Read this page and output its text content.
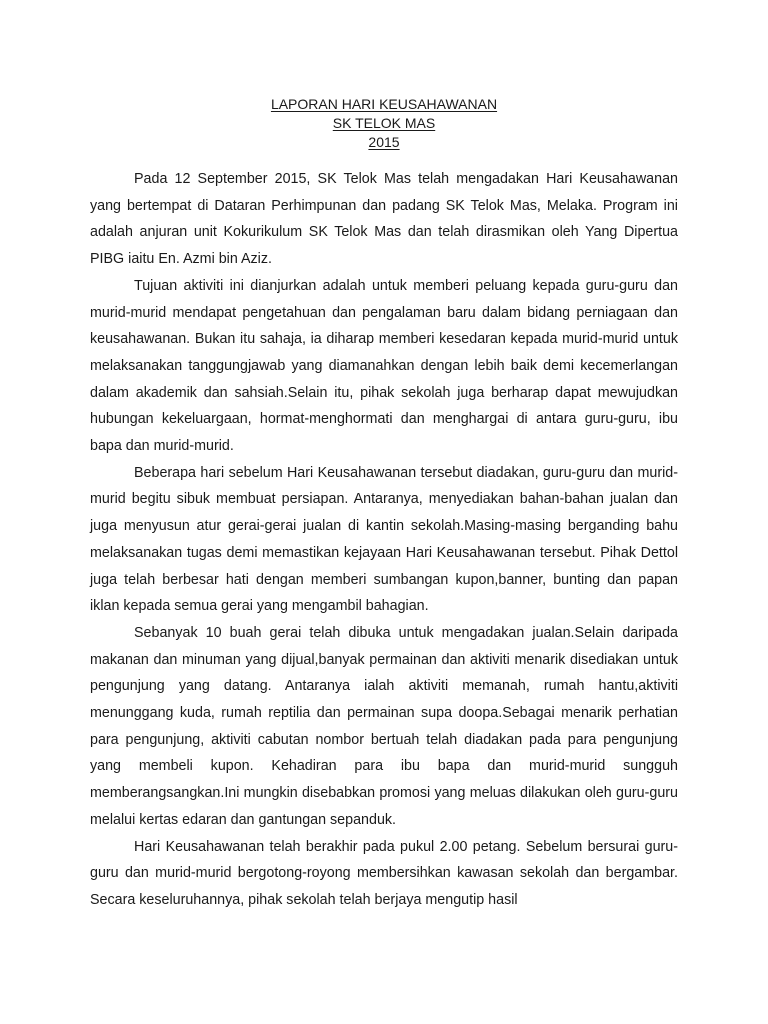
LAPORAN HARI KEUSAHAWANAN
SK TELOK MAS
2015

Pada 12 September 2015, SK Telok Mas telah mengadakan Hari Keusahawanan yang bertempat di Dataran Perhimpunan dan padang SK Telok Mas, Melaka. Program ini adalah anjuran unit Kokurikulum SK Telok Mas dan telah dirasmikan oleh Yang Dipertua PIBG iaitu En. Azmi bin Aziz.

Tujuan aktiviti ini dianjurkan adalah untuk memberi peluang kepada guru-guru dan murid-murid mendapat pengetahuan dan pengalaman baru dalam bidang perniagaan dan keusahawanan. Bukan itu sahaja, ia diharap memberi kesedaran kepada murid-murid untuk melaksanakan tanggungjawab yang diamanahkan dengan lebih baik demi kecemerlangan dalam akademik dan sahsiah.Selain itu, pihak sekolah juga berharap dapat mewujudkan hubungan kekeluargaan, hormat-menghormati dan menghargai di antara guru-guru, ibu bapa dan murid-murid.

Beberapa hari sebelum Hari Keusahawanan tersebut diadakan, guru-guru dan murid-murid begitu sibuk membuat persiapan. Antaranya, menyediakan bahan-bahan jualan dan juga menyusun atur gerai-gerai jualan di kantin sekolah.Masing-masing berganding bahu melaksanakan tugas demi memastikan kejayaan Hari Keusahawanan tersebut. Pihak Dettol juga telah berbesar hati dengan memberi sumbangan kupon,banner, bunting dan papan iklan kepada semua gerai yang mengambil bahagian.

Sebanyak 10 buah gerai telah dibuka untuk mengadakan jualan.Selain daripada makanan dan minuman yang dijual,banyak permainan dan aktiviti menarik disediakan untuk pengunjung yang datang. Antaranya ialah aktiviti memanah, rumah hantu,aktiviti menunggang kuda, rumah reptilia dan permainan supa doopa.Sebagai menarik perhatian para pengunjung, aktiviti cabutan nombor bertuah telah diadakan pada para pengunjung yang membeli kupon. Kehadiran para ibu bapa dan murid-murid sungguh memberangsangkan.Ini mungkin disebabkan promosi yang meluas dilakukan oleh guru-guru melalui kertas edaran dan gantungan sepanduk.

Hari Keusahawanan telah berakhir pada pukul 2.00 petang. Sebelum bersurai guru-guru dan murid-murid bergotong-royong membersihkan kawasan sekolah dan bergambar. Secara keseluruhannya, pihak sekolah telah berjaya mengutip hasil
